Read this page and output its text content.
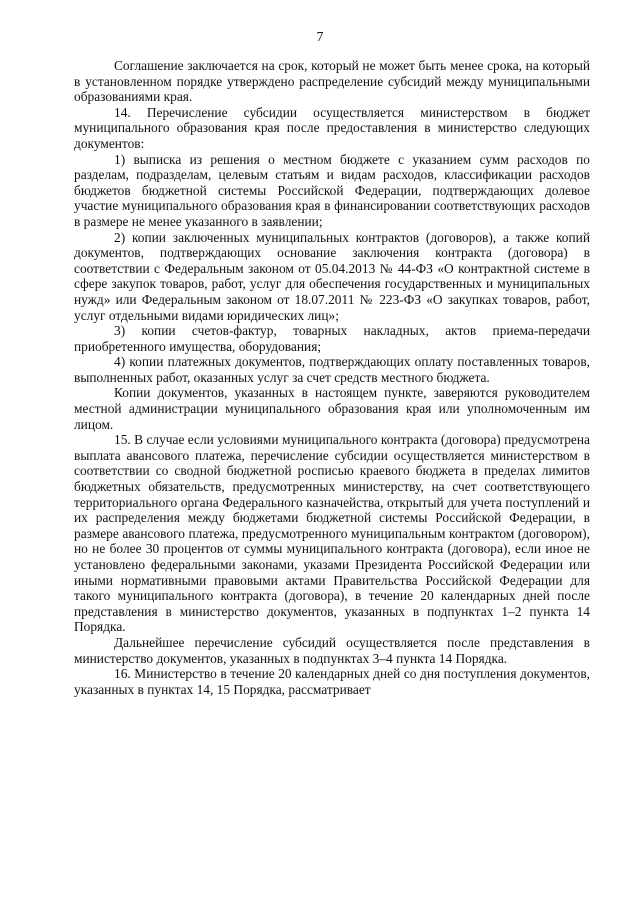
7

Соглашение заключается на срок, который не может быть менее срока, на который в установленном порядке утверждено распределение субсидий между муниципальными образованиями края.

14. Перечисление субсидии осуществляется министерством в бюджет муниципального образования края после предоставления в министерство следующих документов:

1) выписка из решения о местном бюджете с указанием сумм расходов по разделам, подразделам, целевым статьям и видам расходов, классификации расходов бюджетов бюджетной системы Российской Федерации, подтверждающих долевое участие муниципального образования края в финансировании соответствующих расходов в размере не менее указанного в заявлении;

2) копии заключенных муниципальных контрактов (договоров), а также копий документов, подтверждающих основание заключения контракта (договора) в соответствии с Федеральным законом от 05.04.2013 № 44-ФЗ «О контрактной системе в сфере закупок товаров, работ, услуг для обеспечения государственных и муниципальных нужд» или Федеральным законом от 18.07.2011 № 223-ФЗ «О закупках товаров, работ, услуг отдельными видами юридических лиц»;

3) копии счетов-фактур, товарных накладных, актов приема-передачи приобретенного имущества, оборудования;

4) копии платежных документов, подтверждающих оплату поставленных товаров, выполненных работ, оказанных услуг за счет средств местного бюджета.

Копии документов, указанных в настоящем пункте, заверяются руководителем местной администрации муниципального образования края или уполномоченным им лицом.

15. В случае если условиями муниципального контракта (договора) предусмотрена выплата авансового платежа, перечисление субсидии осуществляется министерством в соответствии со сводной бюджетной росписью краевого бюджета в пределах лимитов бюджетных обязательств, предусмотренных министерству, на счет соответствующего территориального органа Федерального казначейства, открытый для учета поступлений и их распределения между бюджетами бюджетной системы Российской Федерации, в размере авансового платежа, предусмотренного муниципальным контрактом (договором), но не более 30 процентов от суммы муниципального контракта (договора), если иное не установлено федеральными законами, указами Президента Российской Федерации или иными нормативными правовыми актами Правительства Российской Федерации для такого муниципального контракта (договора), в течение 20 календарных дней после представления в министерство документов, указанных в подпунктах 1–2 пункта 14 Порядка.

Дальнейшее перечисление субсидий осуществляется после представления в министерство документов, указанных в подпунктах 3–4 пункта 14 Порядка.

16. Министерство в течение 20 календарных дней со дня поступления документов, указанных в пунктах 14, 15 Порядка, рассматривает
